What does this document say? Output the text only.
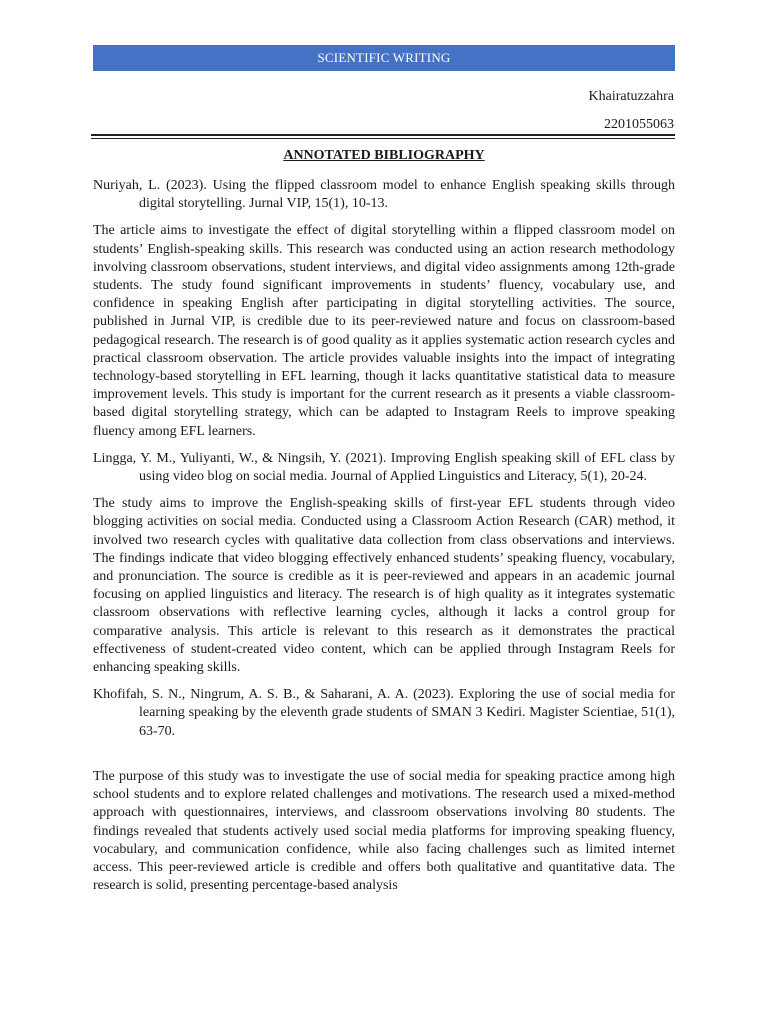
SCIENTIFIC WRITING
Khairatuzzahra
2201055063
ANNOTATED BIBLIOGRAPHY

Nuriyah, L. (2023). Using the flipped classroom model to enhance English speaking skills through digital storytelling. Jurnal VIP, 15(1), 10-13.

The article aims to investigate the effect of digital storytelling within a flipped classroom model on students’ English-speaking skills. This research was conducted using an action research methodology involving classroom observations, student interviews, and digital video assignments among 12th-grade students. The study found significant improvements in students’ fluency, vocabulary use, and confidence in speaking English after participating in digital storytelling activities. The source, published in Jurnal VIP, is credible due to its peer-reviewed nature and focus on classroom-based pedagogical research. The research is of good quality as it applies systematic action research cycles and practical classroom observation. The article provides valuable insights into the impact of integrating technology-based storytelling in EFL learning, though it lacks quantitative statistical data to measure improvement levels. This study is important for the current research as it presents a viable classroom-based digital storytelling strategy, which can be adapted to Instagram Reels to improve speaking fluency among EFL learners.

Lingga, Y. M., Yuliyanti, W., & Ningsih, Y. (2021). Improving English speaking skill of EFL class by using video blog on social media. Journal of Applied Linguistics and Literacy, 5(1), 20-24.

The study aims to improve the English-speaking skills of first-year EFL students through video blogging activities on social media. Conducted using a Classroom Action Research (CAR) method, it involved two research cycles with qualitative data collection from class observations and interviews. The findings indicate that video blogging effectively enhanced students’ speaking fluency, vocabulary, and pronunciation. The source is credible as it is peer-reviewed and appears in an academic journal focusing on applied linguistics and literacy. The research is of high quality as it integrates systematic classroom observations with reflective learning cycles, although it lacks a control group for comparative analysis. This article is relevant to this research as it demonstrates the practical effectiveness of student-created video content, which can be applied through Instagram Reels for enhancing speaking skills.

Khofifah, S. N., Ningrum, A. S. B., & Saharani, A. A. (2023). Exploring the use of social media for learning speaking by the eleventh grade students of SMAN 3 Kediri. Magister Scientiae, 51(1), 63-70.

The purpose of this study was to investigate the use of social media for speaking practice among high school students and to explore related challenges and motivations. The research used a mixed-method approach with questionnaires, interviews, and classroom observations involving 80 students. The findings revealed that students actively used social media platforms for improving speaking fluency, vocabulary, and communication confidence, while also facing challenges such as limited internet access. This peer-reviewed article is credible and offers both qualitative and quantitative data. The research is solid, presenting percentage-based analysis
